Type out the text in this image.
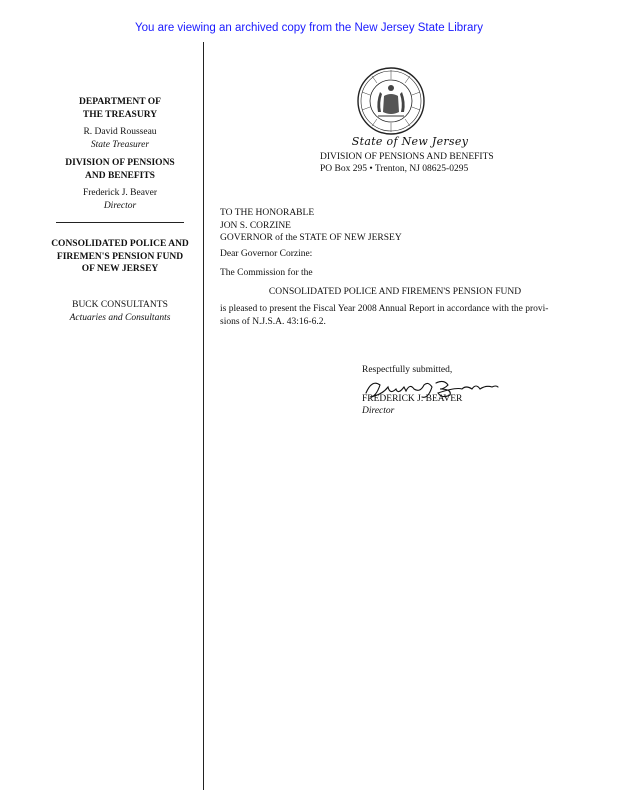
You are viewing an archived copy from the New Jersey State Library
DEPARTMENT OF
THE TREASURY
R. David Rousseau
State Treasurer
DIVISION OF PENSIONS
AND BENEFITS
Frederick J. Beaver
Director
CONSOLIDATED POLICE AND
FIREMEN'S PENSION FUND
OF NEW JERSEY
BUCK CONSULTANTS
Actuaries and Consultants
State of New Jersey
DIVISION OF PENSIONS AND BENEFITS
PO Box 295 • Trenton, NJ 08625-0295
TO THE HONORABLE
JON S. CORZINE
GOVERNOR of the STATE OF NEW JERSEY
Dear Governor Corzine:
The Commission for the
CONSOLIDATED POLICE AND FIREMEN'S PENSION FUND
is pleased to present the Fiscal Year 2008 Annual Report in accordance with the provi-
sions of N.J.S.A. 43:16-6.2.
Respectfully submitted,
FREDERICK J. BEAVER
Director
